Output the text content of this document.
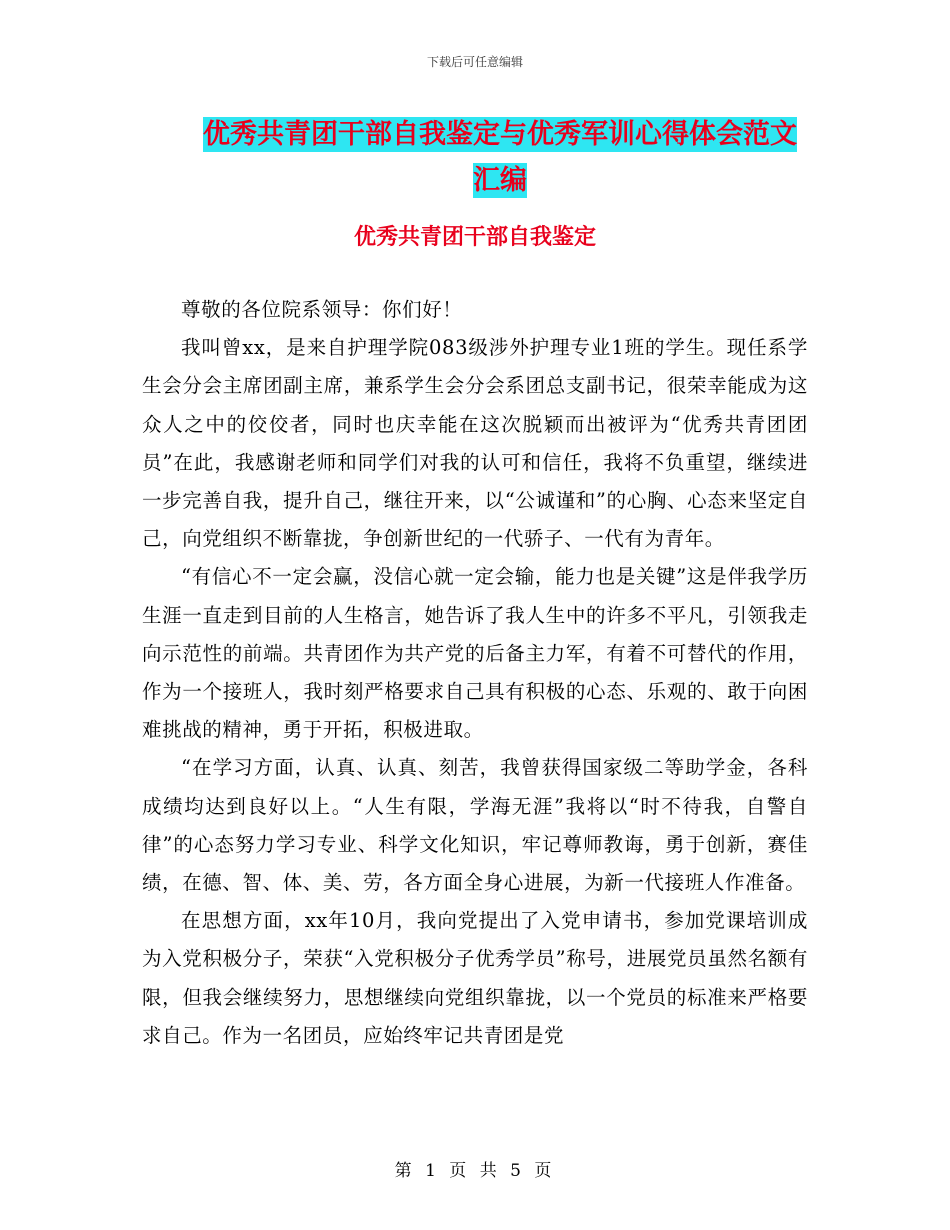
下载后可任意编辑
优秀共青团干部自我鉴定与优秀军训心得体会范文汇编
优秀共青团干部自我鉴定

尊敬的各位院系领导：你们好！

我叫曾xx，是来自护理学院083级涉外护理专业1班的学生。现任系学生会分会主席团副主席，兼系学生会分会系团总支副书记，很荣幸能成为这众人之中的佼佼者，同时也庆幸能在这次脱颖而出被评为“优秀共青团团员”在此，我感谢老师和同学们对我的认可和信任，我将不负重望，继续进一步完善自我，提升自己，继往开来，以“公诚谨和”的心胸、心态来坚定自己，向党组织不断靠拢，争创新世纪的一代骄子、一代有为青年。

“有信心不一定会赢，没信心就一定会输，能力也是关键”这是伴我学历生涯一直走到目前的人生格言，她告诉了我人生中的许多不平凡，引领我走向示范性的前端。共青团作为共产党的后备主力军，有着不可替代的作用，作为一个接班人，我时刻严格要求自己具有积极的心态、乐观的、敢于向困难挑战的精神，勇于开拓，积极进取。

“在学习方面，认真、认真、刻苦，我曾获得国家级二等助学金，各科成绩均达到良好以上。“人生有限，学海无涯”我将以“时不待我，自警自律”的心态努力学习专业、科学文化知识，牢记尊师教诲，勇于创新，赛佳绩，在德、智、体、美、劳，各方面全身心进展，为新一代接班人作准备。

在思想方面，xx年10月，我向党提出了入党申请书，参加党课培训成为入党积极分子，荣获“入党积极分子优秀学员”称号，进展党员虽然名额有限，但我会继续努力，思想继续向党组织靠拢，以一个党员的标准来严格要求自己。作为一名团员，应始终牢记共青团是党

第 1 页 共 5 页
